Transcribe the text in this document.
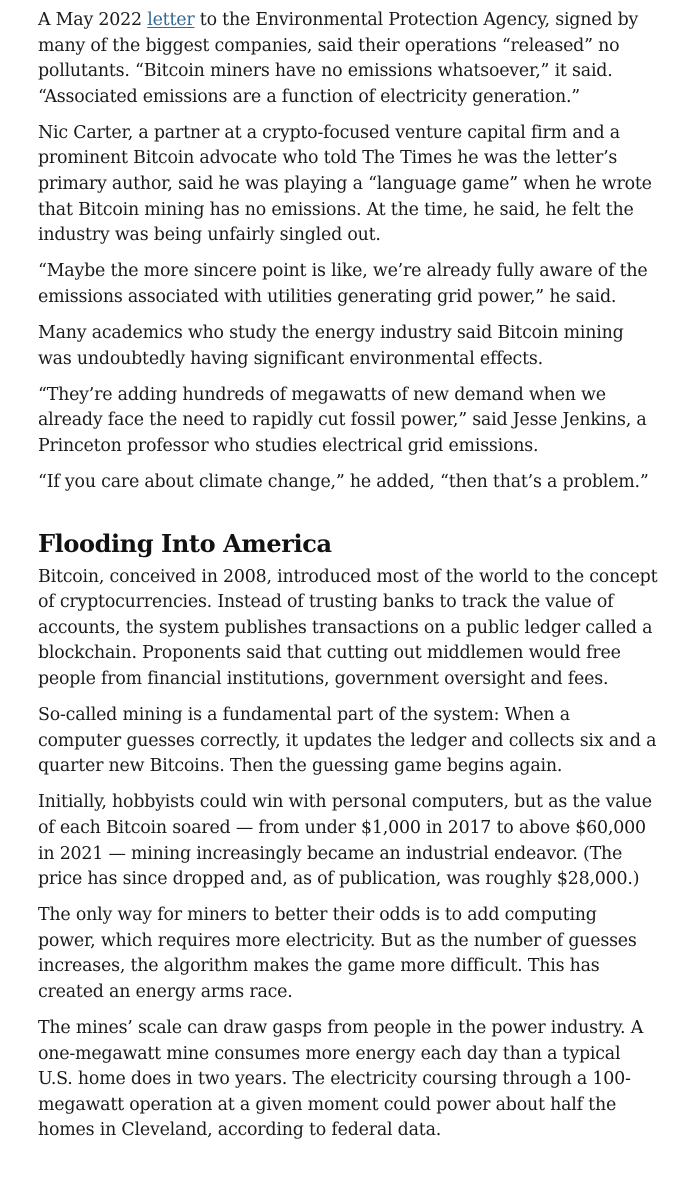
A May 2022 letter to the Environmental Protection Agency, signed by many of the biggest companies, said their operations “released” no pollutants. “Bitcoin miners have no emissions whatsoever,” it said. “Associated emissions are a function of electricity generation.”

Nic Carter, a partner at a crypto-focused venture capital firm and a prominent Bitcoin advocate who told The Times he was the letter’s primary author, said he was playing a “language game” when he wrote that Bitcoin mining has no emissions. At the time, he said, he felt the industry was being unfairly singled out.

“Maybe the more sincere point is like, we’re already fully aware of the emissions associated with utilities generating grid power,” he said.

Many academics who study the energy industry said Bitcoin mining was undoubtedly having significant environmental effects.

“They’re adding hundreds of megawatts of new demand when we already face the need to rapidly cut fossil power,” said Jesse Jenkins, a Princeton professor who studies electrical grid emissions.

“If you care about climate change,” he added, “then that’s a problem.”

Flooding Into America

Bitcoin, conceived in 2008, introduced most of the world to the concept of cryptocurrencies. Instead of trusting banks to track the value of accounts, the system publishes transactions on a public ledger called a blockchain. Proponents said that cutting out middlemen would free people from financial institutions, government oversight and fees.

So-called mining is a fundamental part of the system: When a computer guesses correctly, it updates the ledger and collects six and a quarter new Bitcoins. Then the guessing game begins again.

Initially, hobbyists could win with personal computers, but as the value of each Bitcoin soared — from under $1,000 in 2017 to above $60,000 in 2021 — mining increasingly became an industrial endeavor. (The price has since dropped and, as of publication, was roughly $28,000.)

The only way for miners to better their odds is to add computing power, which requires more electricity. But as the number of guesses increases, the algorithm makes the game more difficult. This has created an energy arms race.

The mines’ scale can draw gasps from people in the power industry. A one-megawatt mine consumes more energy each day than a typical U.S. home does in two years. The electricity coursing through a 100-megawatt operation at a given moment could power about half the homes in Cleveland, according to federal data.
